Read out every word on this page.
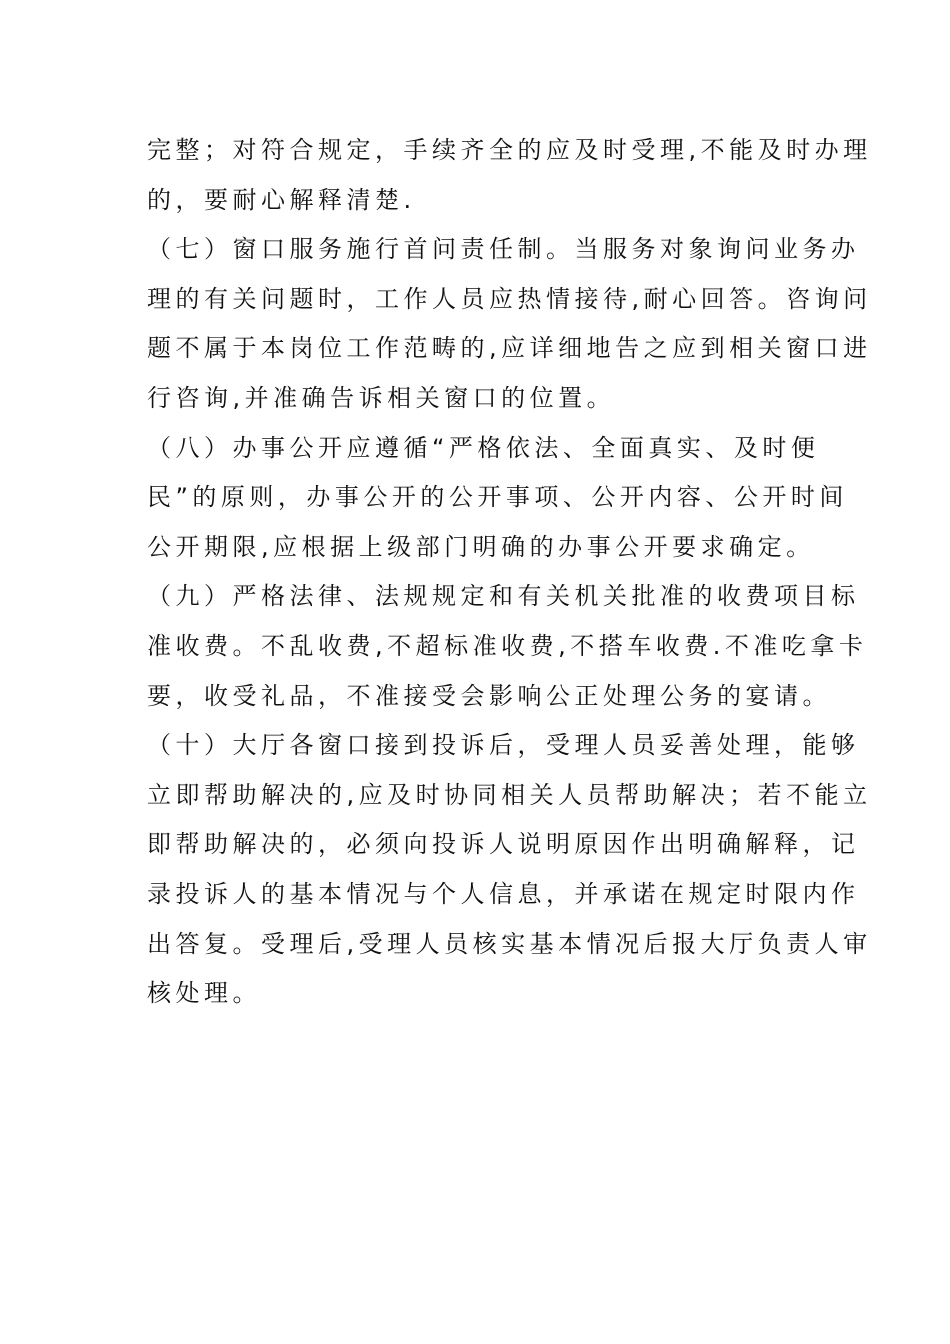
完整；对符合规定，手续齐全的应及时受理,不能及时办理
的，要耐心解释清楚.
（七）窗口服务施行首问责任制。当服务对象询问业务办
理的有关问题时，工作人员应热情接待,耐心回答。咨询问
题不属于本岗位工作范畴的,应详细地告之应到相关窗口进
行咨询,并准确告诉相关窗口的位置。
（八）办事公开应遵循“严格依法、全面真实、及时便
民”的原则，办事公开的公开事项、公开内容、公开时间
公开期限,应根据上级部门明确的办事公开要求确定。
（九）严格法律、法规规定和有关机关批准的收费项目标
准收费。不乱收费,不超标准收费,不搭车收费.不准吃拿卡
要，收受礼品，不准接受会影响公正处理公务的宴请。
（十）大厅各窗口接到投诉后，受理人员妥善处理，能够
立即帮助解决的,应及时协同相关人员帮助解决；若不能立
即帮助解决的，必须向投诉人说明原因作出明确解释，记
录投诉人的基本情况与个人信息，并承诺在规定时限内作
出答复。受理后,受理人员核实基本情况后报大厅负责人审
核处理。
